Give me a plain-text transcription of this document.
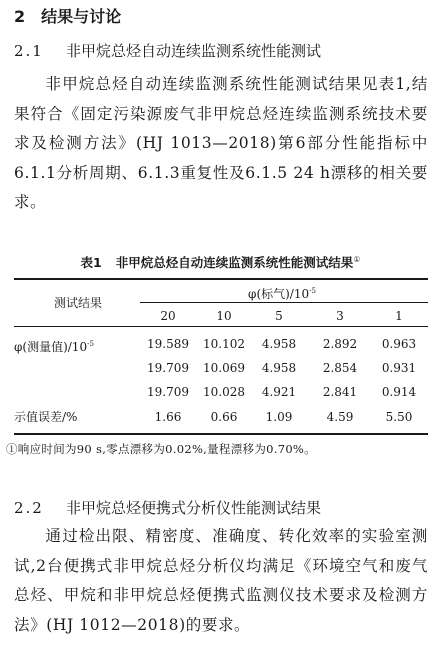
2 结果与讨论
2.1 非甲烷总烃自动连续监测系统性能测试
非甲烷总烃自动连续监测系统性能测试结果见表1,结果符合《固定污染源废气非甲烷总烃连续监测系统技术要求及检测方法》(HJ 1013—2018)第6部分性能指标中6.1.1分析周期、6.1.3重复性及6.1.5 24 h漂移的相关要求。
表1 非甲烷总烃自动连续监测系统性能测试结果①
测试结果
φ(标气)$/10^{-5}$
20	10	5	3	1
φ(测量值)$/10^{-5}$	19.589 10.102 4.958 2.892 0.963
19.709 10.069 4.958 2.854 0.931
19.709 10.028 4.921 2.841 0.914
示值误差/%	1.66 0.66 1.09	4.59	5.50
①响应时间为90 s,零点漂移为0.02%,量程漂移为0.70%。
2.2 非甲烷总烃便携式分析仪性能测试结果
通过检出限、精密度、准确度、转化效率的实验室测试,2台便携式非甲烷总烃分析仪均满足《环境空气和废气 总烃、甲烷和非甲烷总烃便携式监测仪技术要求及检测方法》(HJ 1012—2018)的要求。
